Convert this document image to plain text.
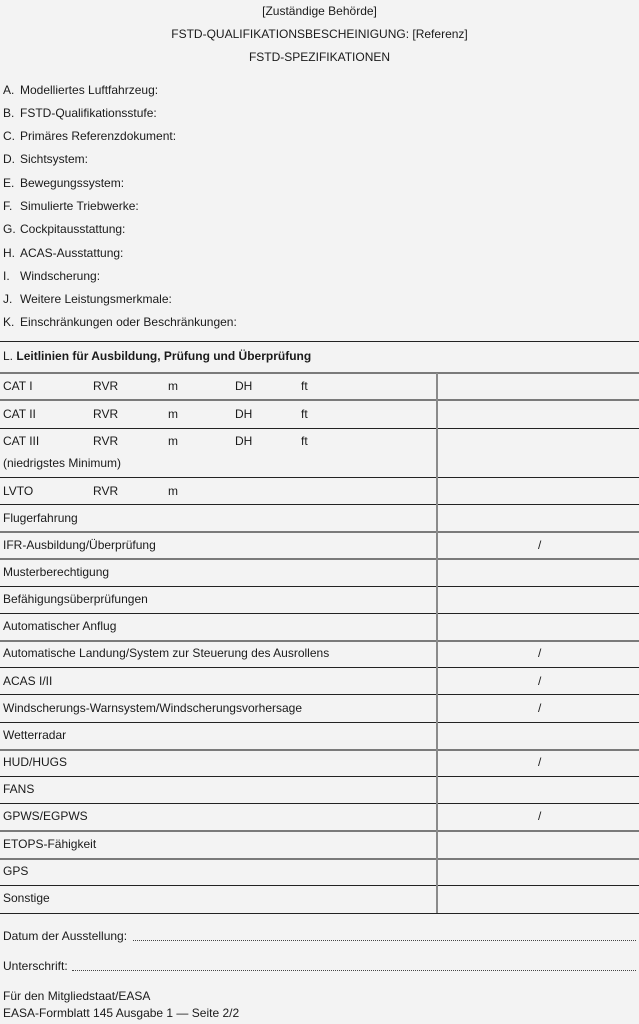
[Zuständige Behörde]
FSTD-QUALIFIKATIONSBESCHEINIGUNG: [Referenz]
FSTD-SPEZIFIKATIONEN
A. Modelliertes Luftfahrzeug:
B. FSTD-Qualifikationsstufe:
C. Primäres Referenzdokument:
D. Sichtsystem:
E. Bewegungssystem:
F. Simulierte Triebwerke:
G. Cockpitausstattung:
H. ACAS-Ausstattung:
I. Windscherung:
J. Weitere Leistungsmerkmale:
K. Einschränkungen oder Beschränkungen:
L. Leitlinien für Ausbildung, Prüfung und Überprüfung
CAT I	RVR	m	DH	ft
CAT II	RVR	m	DH	ft
CAT III	RVR	m	DH	ft
(niedrigstes Minimum)
LVTO	RVR	m
Flugerfahrung
IFR-Ausbildung/Überprüfung	/
Musterberechtigung
Befähigungsüberprüfungen
Automatischer Anflug
Automatische Landung/System zur Steuerung des Ausrollens	/
ACAS I/II	/
Windscherungs-Warnsystem/Windscherungsvorhersage	/
Wetterradar
HUD/HUGS	/
FANS
GPWS/EGPWS	/
ETOPS-Fähigkeit
GPS
Sonstige
Datum der Ausstellung:
Unterschrift:
Für den Mitgliedstaat/EASA
EASA-Formblatt 145 Ausgabe 1 — Seite 2/2
